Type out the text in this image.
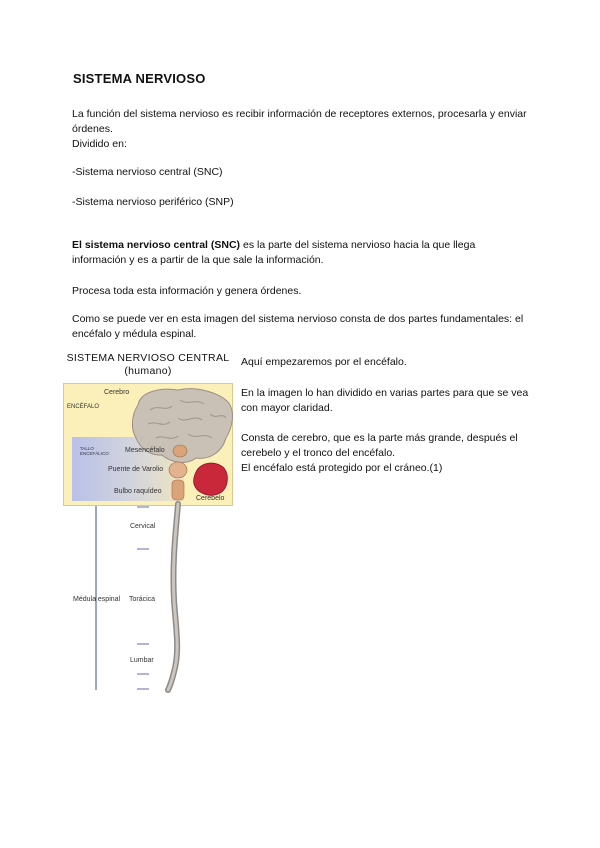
SISTEMA NERVIOSO
La función del sistema nervioso es recibir información de receptores externos, procesarla y enviar órdenes.
Dividido en:
-Sistema nervioso central (SNC)
-Sistema nervioso periférico (SNP)
El sistema nervioso central (SNC) es la parte del sistema nervioso hacia la que llega información y es a partir de la que sale la información.
Procesa toda esta información y genera órdenes.
Como se puede ver en esta imagen del sistema nervioso consta de dos partes fundamentales: el encéfalo y médula espinal.
Aquí empezaremos por el encéfalo.
En la imagen lo han dividido en varias partes para que se vea con mayor claridad.
Consta de cerebro, que es la parte más grande, después el cerebelo y el tronco del encéfalo.
El encéfalo está protegido por el cráneo.(1)
SISTEMA NERVIOSO CENTRAL
(humano)
Cerebro
ENCÉFALO
TALLO ENCEFÁLICO Mesencéfalo
Puente de Varolio
Bulbo raquídeo
Cerebelo
Cervical
Médula espinal Torácica
Lumbar
